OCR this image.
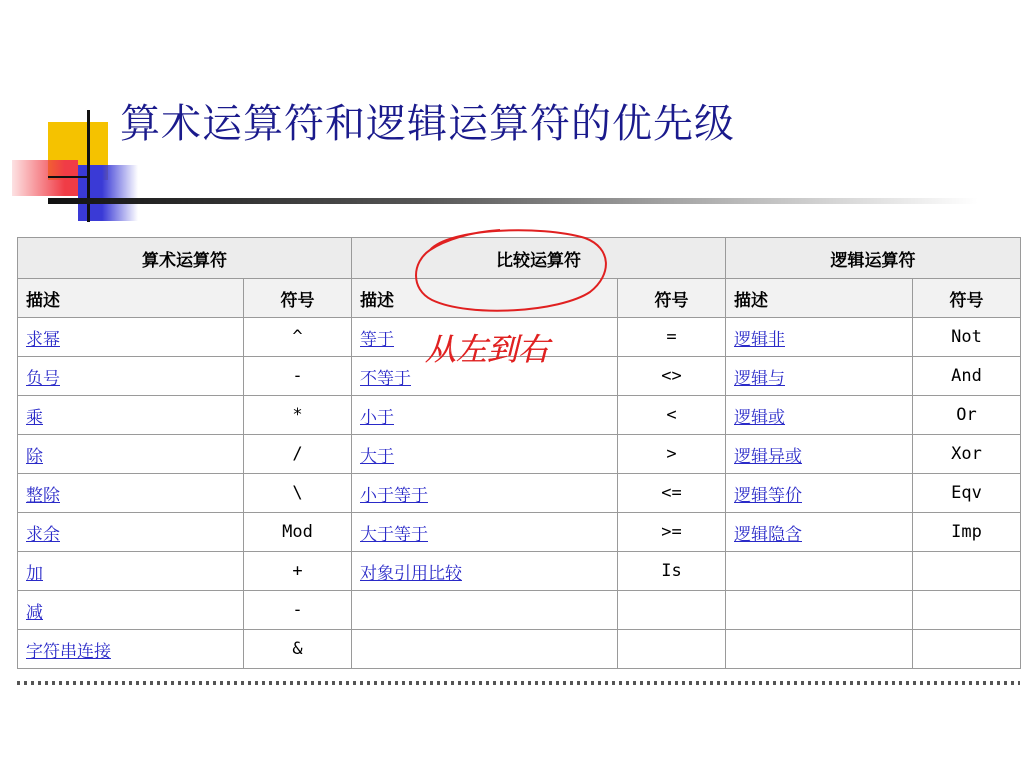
算术运算符和逻辑运算符的优先级
算术运算符		比较运算符		逻辑运算符	
描述	符号	描述	符号	描述	符号
求幂	^	等于	=	逻辑非	Not
负号	-	不等于	<>	逻辑与	And
乘	*	小于	<	逻辑或	Or
除	/	大于	>	逻辑异或	Xor
整除	\	小于等于	<=	逻辑等价	Eqv
求余	Mod	大于等于	>=	逻辑隐含	Imp
加	+	对象引用比较	Is		
减	-				
字符串连接	&				
从左到右
